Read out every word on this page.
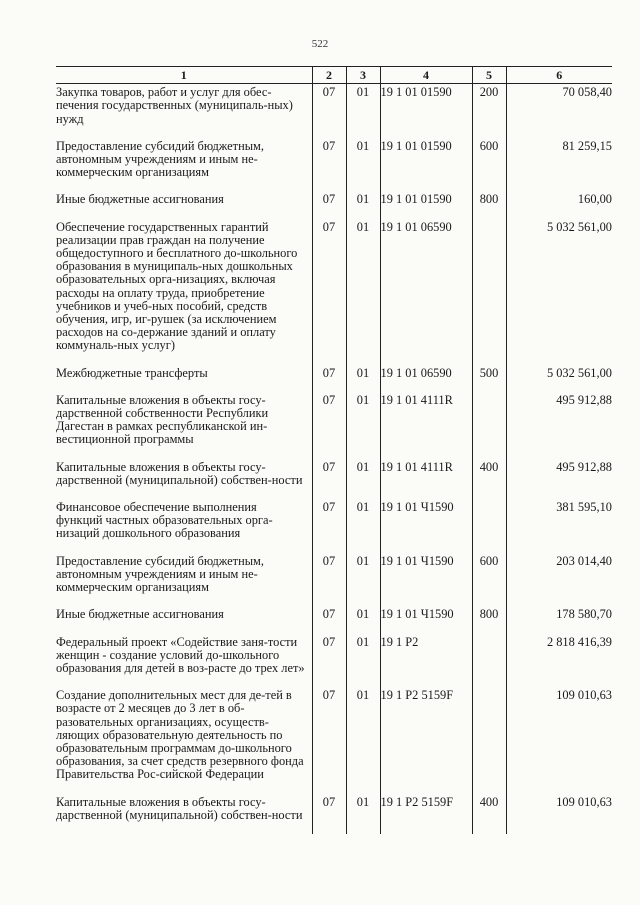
522
1	2	3	4	5	6
Закупка товаров, работ и услуг для обес-печения государственных (муниципаль-ных) нужд	07	01	19 1 01 01590	200	70 058,40
Предоставление субсидий бюджетным, автономным учреждениям и иным не-коммерческим организациям	07	01	19 1 01 01590	600	81 259,15
Иные бюджетные ассигнования	07	01	19 1 01 01590	800	160,00
Обеспечение государственных гарантий реализации прав граждан на получение общедоступного и бесплатного до-школьного образования в муниципаль-ных дошкольных образовательных орга-низациях, включая расходы на оплату труда, приобретение учебников и учеб-ных пособий, средств обучения, игр, иг-рушек (за исключением расходов на со-держание зданий и оплату коммуналь-ных услуг)	07	01	19 1 01 06590		5 032 561,00
Межбюджетные трансферты	07	01	19 1 01 06590	500	5 032 561,00
Капитальные вложения в объекты госу-дарственной собственности Республики Дагестан в рамках республиканской ин-вестиционной программы	07	01	19 1 01 4111R		495 912,88
Капитальные вложения в объекты госу-дарственной (муниципальной) собствен-ности	07	01	19 1 01 4111R	400	495 912,88
Финансовое обеспечение выполнения функций частных образовательных орга-низаций дошкольного образования	07	01	19 1 01 Ч1590		381 595,10
Предоставление субсидий бюджетным, автономным учреждениям и иным не-коммерческим организациям	07	01	19 1 01 Ч1590	600	203 014,40
Иные бюджетные ассигнования	07	01	19 1 01 Ч1590	800	178 580,70
Федеральный проект «Содействие заня-тости женщин - создание условий до-школьного образования для детей в воз-расте до трех лет»	07	01	19 1 P2		2 818 416,39
Создание дополнительных мест для де-тей в возрасте от 2 месяцев до 3 лет в об-разовательных организациях, осуществ-ляющих образовательную деятельность по образовательным программам до-школьного образования, за счет средств резервного фонда Правительства Рос-сийской Федерации	07	01	19 1 P2 5159F		109 010,63
Капитальные вложения в объекты госу-дарственной (муниципальной) собствен-ности	07	01	19 1 P2 5159F	400	109 010,63
